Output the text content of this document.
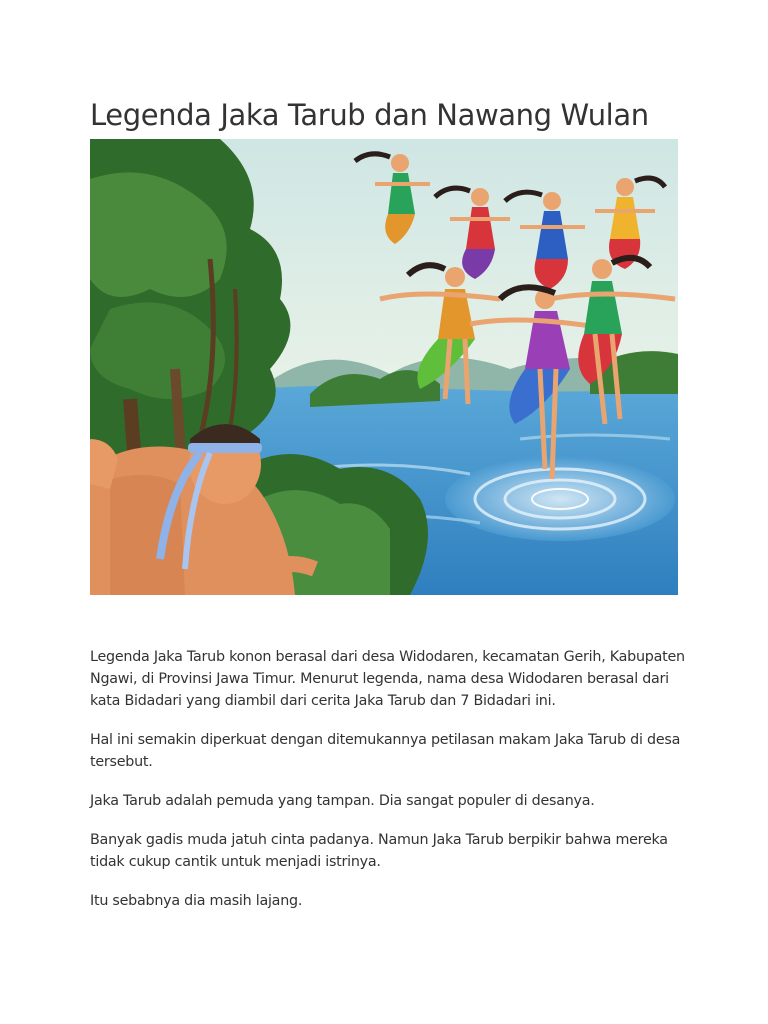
Legenda Jaka Tarub dan Nawang Wulan

Legenda Jaka Tarub konon berasal dari desa Widodaren, kecamatan Gerih, Kabupaten Ngawi, di Provinsi Jawa Timur. Menurut legenda, nama desa Widodaren berasal dari kata Bidadari yang diambil dari cerita Jaka Tarub dan 7 Bidadari ini.

Hal ini semakin diperkuat dengan ditemukannya petilasan makam Jaka Tarub di desa tersebut.

Jaka Tarub adalah pemuda yang tampan. Dia sangat populer di desanya.

Banyak gadis muda jatuh cinta padanya. Namun Jaka Tarub berpikir bahwa mereka tidak cukup cantik untuk menjadi istrinya.

Itu sebabnya dia masih lajang.
